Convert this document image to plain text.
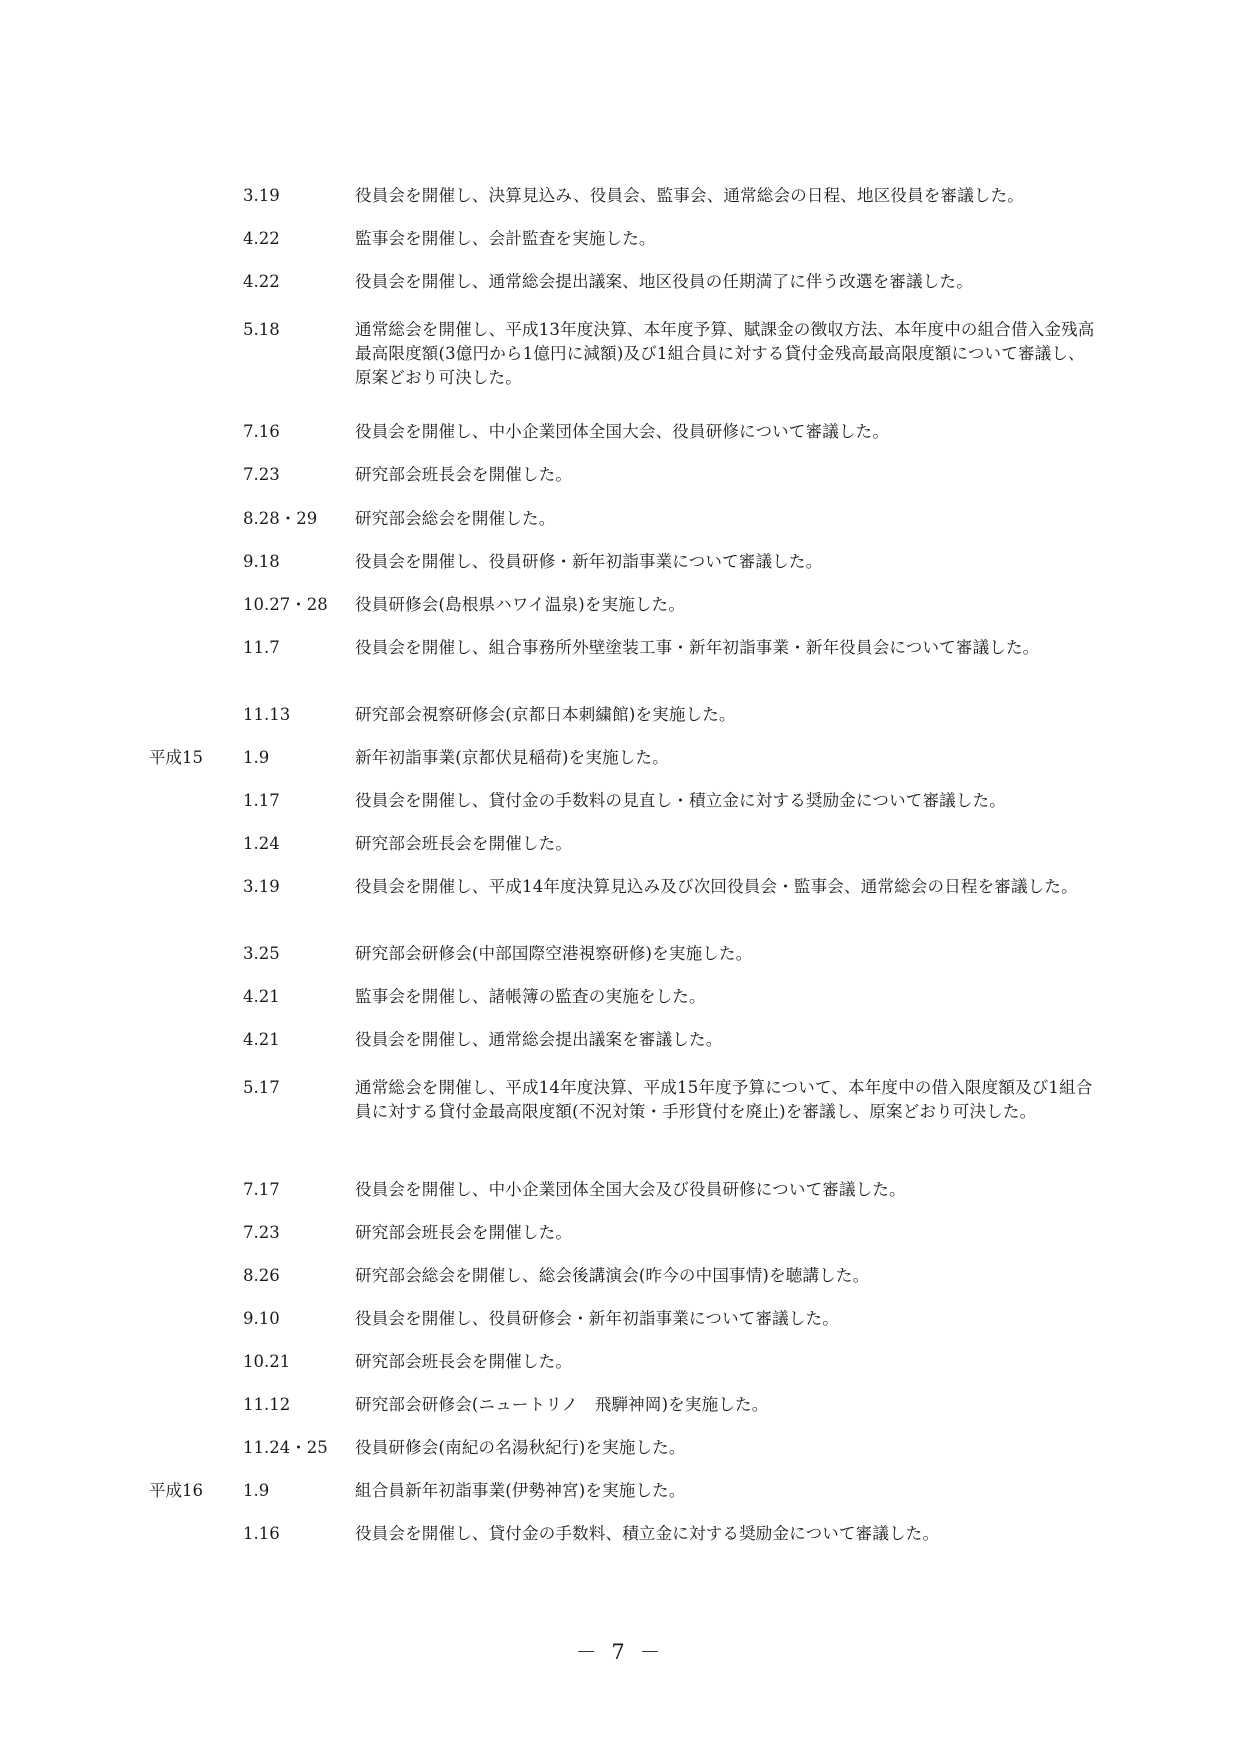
3.19	役員会を開催し、決算見込み、役員会、監事会、通常総会の日程、地区役員を審議した。
4.22	監事会を開催し、会計監査を実施した。
4.22	役員会を開催し、通常総会提出議案、地区役員の任期満了に伴う改選を審議した。
5.18	通常総会を開催し、平成13年度決算、本年度予算、賦課金の徴収方法、本年度中の組合借入金残高最高限度額(3億円から1億円に減額)及び1組合員に対する貸付金残高最高限度額について審議し、原案どおり可決した。
7.16	役員会を開催し、中小企業団体全国大会、役員研修について審議した。
7.23	研究部会班長会を開催した。
8.28・29 研究部会総会を開催した。
9.18	役員会を開催し、役員研修・新年初詣事業について審議した。
10.27・28 役員研修会(島根県ハワイ温泉)を実施した。
11.7	役員会を開催し、組合事務所外壁塗装工事・新年初詣事業・新年役員会について審議した。
11.13	研究部会視察研修会(京都日本刺繍館)を実施した。
平成15 1.9	新年初詣事業(京都伏見稲荷)を実施した。
1.17	役員会を開催し、貸付金の手数料の見直し・積立金に対する奨励金について審議した。
1.24	研究部会班長会を開催した。
3.19	役員会を開催し、平成14年度決算見込み及び次回役員会・監事会、通常総会の日程を審議した。
3.25	研究部会研修会(中部国際空港視察研修)を実施した。
4.21	監事会を開催し、諸帳簿の監査の実施をした。
4.21	役員会を開催し、通常総会提出議案を審議した。
5.17	通常総会を開催し、平成14年度決算、平成15年度予算について、本年度中の借入限度額及び1組合員に対する貸付金最高限度額(不況対策・手形貸付を廃止)を審議し、原案どおり可決した。
7.17	役員会を開催し、中小企業団体全国大会及び役員研修について審議した。
7.23	研究部会班長会を開催した。
8.26	研究部会総会を開催し、総会後講演会(昨今の中国事情)を聴講した。
9.10	役員会を開催し、役員研修会・新年初詣事業について審議した。
10.21	研究部会班長会を開催した。
11.12	研究部会研修会(ニュートリノ　飛騨神岡)を実施した。
11.24・25 役員研修会(南紀の名湯秋紀行)を実施した。
平成16 1.9	組合員新年初詣事業(伊勢神宮)を実施した。
1.16	役員会を開催し、貸付金の手数料、積立金に対する奨励金について審議した。
－ 7 －
